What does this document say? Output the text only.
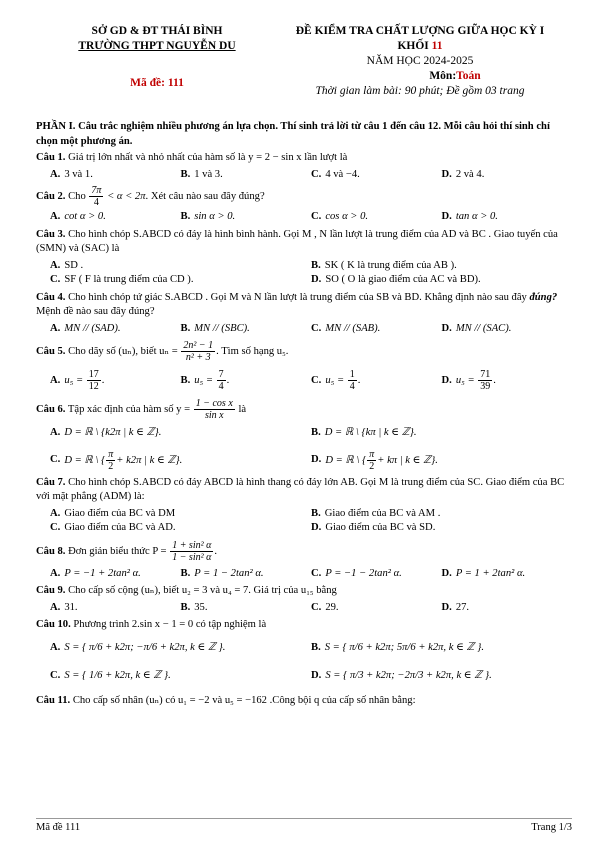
SỞ GD & ĐT THÁI BÌNH
TRƯỜNG THPT NGUYỄN DU
Mã đề: 111
ĐỀ KIỂM TRA CHẤT LƯỢNG GIỮA HỌC KỲ I
KHỐI 11
NĂM HỌC 2024-2025
Môn:Toán
Thời gian làm bài: 90 phút; Đề gồm 03 trang
PHẦN I. Câu trắc nghiệm nhiều phương án lựa chọn. Thí sinh trả lời từ câu 1 đến câu 12. Mỗi câu hỏi thí sinh chỉ chọn một phương án.
Câu 1. Giá trị lớn nhất và nhỏ nhất của hàm số là y = 2 − sin x lần lượt là
A. 3 và 1.	B. 1 và 3.	C. 4 và −4.	D. 2 và 4.
Câu 2. Cho $\frac{7\pi}{4} < \alpha < 2\pi$. Xét câu nào sau đây đúng?
A. cot α > 0.	B. sin α > 0.	C. cos α > 0.	D. tan α > 0.
Câu 3. Cho hình chóp S.ABCD có đáy là hình bình hành. Gọi M , N lần lượt là trung điểm của AD và BC . Giao tuyến của (SMN) và (SAC) là
A. SD .	B. SK ( K là trung điểm của AB ).
C. SF ( F là trung điểm của CD ).	D. SO ( O là giao điểm của AC và BD).
Câu 4. Cho hình chóp tứ giác S.ABCD . Gọi M và N lần lượt là trung điểm của SB và BD. Khẳng định nào sau đây đúng? Mệnh đề nào sau đây đúng?
A. MN // (SAD).	B. MN // (SBC).	C. MN // (SAB).	D. MN // (SAC).
Câu 5. Cho dãy số (uₙ), biết $u_n = \frac{\text{2n² − 1}}{\text{n² + 3}}$ . Tìm số hạng u₅.
A. $u_5 = \frac{17}{12}$ .	B. $u_5 = \frac{7}{4}$ .	C. $u_5 = \frac{1}{4}$ .	D. $u_5 = \frac{71}{39}$ .
Câu 6. Tập xác định của hàm số $y = \frac{\text{1 − cos x}}{\text{sin x}}$ là
A. D = ℝ \ {k2π | k ∈ ℤ}.	B. D = ℝ \ {kπ | k ∈ ℤ}.
C. D = ℝ \ { $\frac{\pi}{2} + k2\pi$ | k ∈ ℤ}.	D. D = ℝ \ { $\frac{\pi}{2} + k\pi$ | k ∈ ℤ}.
Câu 7. Cho hình chóp S.ABCD có đáy ABCD là hình thang có đáy lớn AB. Gọi M là trung điểm của SC. Giao điểm của BC với mặt phẳng (ADM) là:
A. Giao điểm của BC và DM	B. Giao điểm của BC và AM .
C. Giao điểm của BC và AD.	D. Giao điểm của BC và SD.
Câu 8. Đơn giản biểu thức $P = \frac{\text{1 + sin² α}}{\text{1 − sin² α}}$ .
A. P = −1 + 2tan² α.	B. P = 1 − 2tan² α.	C. P = −1 − 2tan² α.	D. P = 1 + 2tan² α.
Câu 9. Cho cấp số cộng (uₙ), biết u₂ = 3 và u₄ = 7. Giá trị của u₁₅ bằng
A. 31.	B. 35.	C. 29.	D. 27.
Câu 10. Phương trình 2.sin x − 1 = 0 có tập nghiệm là
A. S = { π/6 + k2π; −π/6 + k2π, k ∈ ℤ }.	B. S = { π/6 + k2π; 5π/6 + k2π, k ∈ ℤ }.
C. S = { 1/6 + k2π, k ∈ ℤ }.	D. S = { π/3 + k2π; −2π/3 + k2π, k ∈ ℤ }.
Câu 11. Cho cấp số nhân (uₙ) có u₁ = −2 và u₅ = −162 .Công bội q của cấp số nhân bằng:
Mã đề 111	Trang 1/3
